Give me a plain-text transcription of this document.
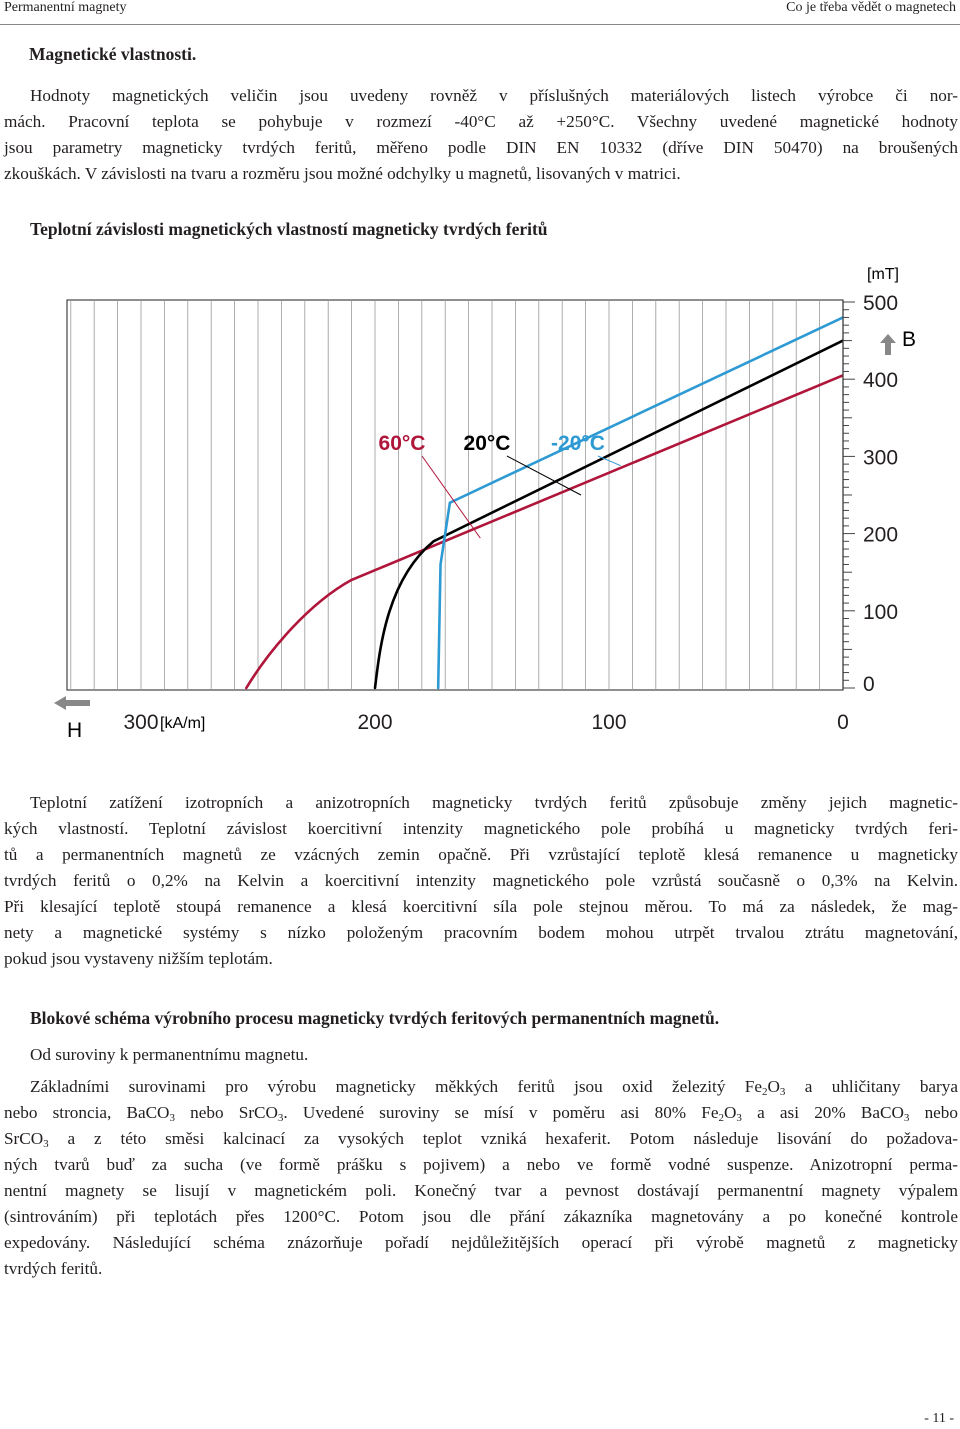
Permanentní magnety	Co je třeba vědět o magnetech
Magnetické vlastnosti.
Hodnoty magnetických veličin jsou uvedeny rovněž v příslušných materiálových listech výrobce či nor-
mách. Pracovní teplota se pohybuje v rozmezí -40°C až +250°C. Všechny uvedené magnetické hodnoty
jsou parametry magneticky tvrdých feritů, měřeno podle DIN EN 10332 (dříve DIN 50470) na broušených
zkouškách. V závislosti na tvaru a rozměru jsou možné odchylky u magnetů, lisovaných v matrici.
Teplotní závislosti magnetických vlastností magneticky tvrdých feritů
60°C 20°C -20°C
0
100
200
300
400
500
300	200	100	0
[mT]
B
H	[kA/m]
Teplotní zatížení izotropních a anizotropních magneticky tvrdých feritů způsobuje změny jejich magnetic-
kých vlastností. Teplotní závislost koercitivní intenzity magnetického pole probíhá u magneticky tvrdých feri-
tů a permanentních magnetů ze vzácných zemin opačně. Při vzrůstající teplotě klesá remanence u magneticky
tvrdých feritů o 0,2% na Kelvin a koercitivní intenzity magnetického pole vzrůstá současně o 0,3% na Kelvin.
Při klesající teplotě stoupá remanence a klesá koercitivní síla pole stejnou měrou. To má za následek, že mag-
nety a magnetické systémy s nízko položeným pracovním bodem mohou utrpět trvalou ztrátu magnetování,
pokud jsou vystaveny nižším teplotám.
Blokové schéma výrobního procesu magneticky tvrdých feritových permanentních magnetů.
Od suroviny k permanentnímu magnetu.
Základními surovinami pro výrobu magneticky měkkých feritů jsou oxid železitý $Fe_2O_3$ a uhličitany barya
nebo stroncia, BaCO$_3$ nebo SrCO$_3$. Uvedené suroviny se mísí v poměru asi 80% $Fe_2O_3$ a asi 20% BaCO$_3$ nebo
SrCO$_3$ a z této směsi kalcinací za vysokých teplot vzniká hexaferit. Potom následuje lisování do požadova-
ných tvarů buď za sucha (ve formě prášku s pojivem) a nebo ve formě vodné suspenze. Anizotropní perma-
nentní magnety se lisují v magnetickém poli. Konečný tvar a pevnost dostávají permanentní magnety výpalem
(sintrováním) při teplotách přes 1200°C. Potom jsou dle přání zákazníka magnetovány a po konečné kontrole
expedovány. Následující schéma znázorňuje pořadí nejdůležitějších operací při výrobě magnetů z magneticky
tvrdých feritů.
- 11 -
